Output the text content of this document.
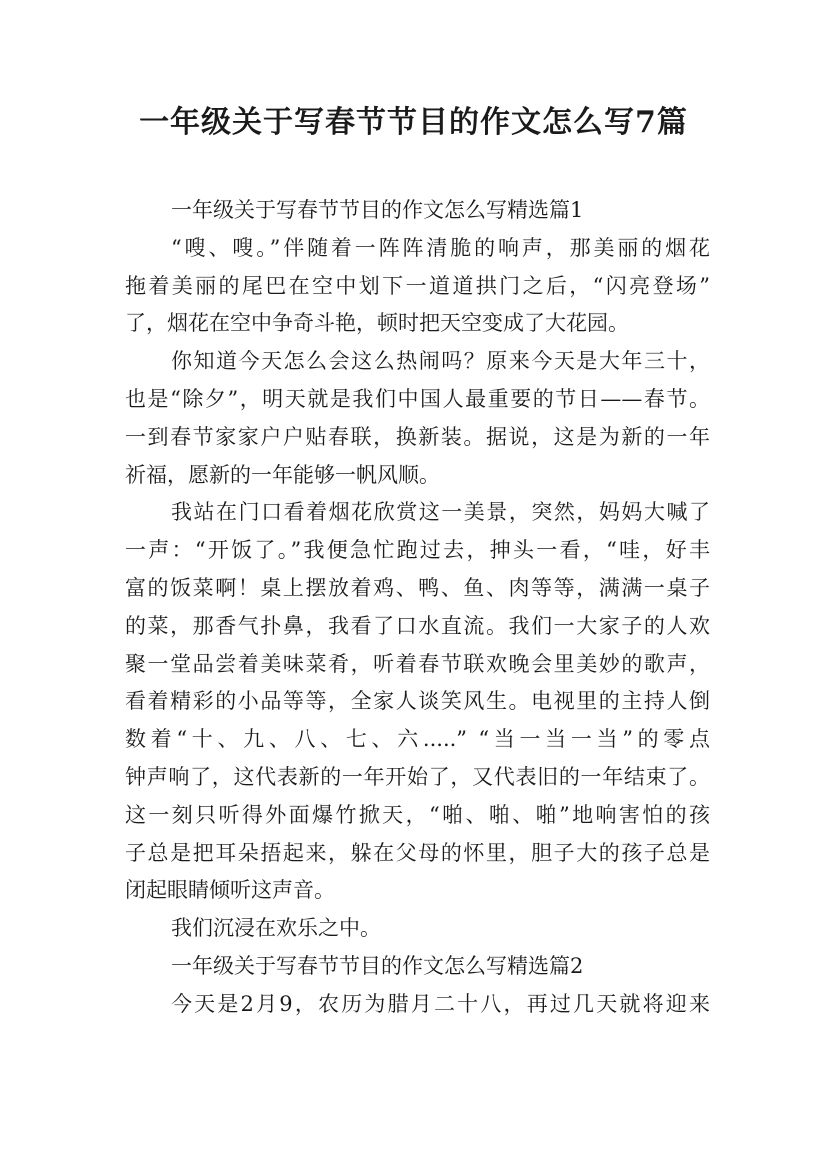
一年级关于写春节节目的作文怎么写7篇
一年级关于写春节节目的作文怎么写精选篇1
“嗖、嗖。”伴随着一阵阵清脆的响声，那美丽的烟花
拖着美丽的尾巴在空中划下一道道拱门之后，“闪亮登场”
了，烟花在空中争奇斗艳，顿时把天空变成了大花园。
你知道今天怎么会这么热闹吗？原来今天是大年三十，
也是“除夕”，明天就是我们中国人最重要的节日——春节。
一到春节家家户户贴春联，换新装。据说，这是为新的一年
祈福，愿新的一年能够一帆风顺。
我站在门口看着烟花欣赏这一美景，突然，妈妈大喊了
一声：“开饭了。”我便急忙跑过去，抻头一看，“哇，好丰
富的饭菜啊！桌上摆放着鸡、鸭、鱼、肉等等，满满一桌子
的菜，那香气扑鼻，我看了口水直流。我们一大家子的人欢
聚一堂品尝着美味菜肴，听着春节联欢晚会里美妙的歌声，
看着精彩的小品等等，全家人谈笑风生。电视里的主持人倒
数着“十、九、八、七、六.....” “当一当一当”的零点
钟声响了，这代表新的一年开始了，又代表旧的一年结束了。
这一刻只听得外面爆竹掀天，“啪、啪、啪”地响害怕的孩
子总是把耳朵捂起来，躲在父母的怀里，胆子大的孩子总是
闭起眼睛倾听这声音。
我们沉浸在欢乐之中。
一年级关于写春节节目的作文怎么写精选篇2
今天是2月9，农历为腊月二十八，再过几天就将迎来
